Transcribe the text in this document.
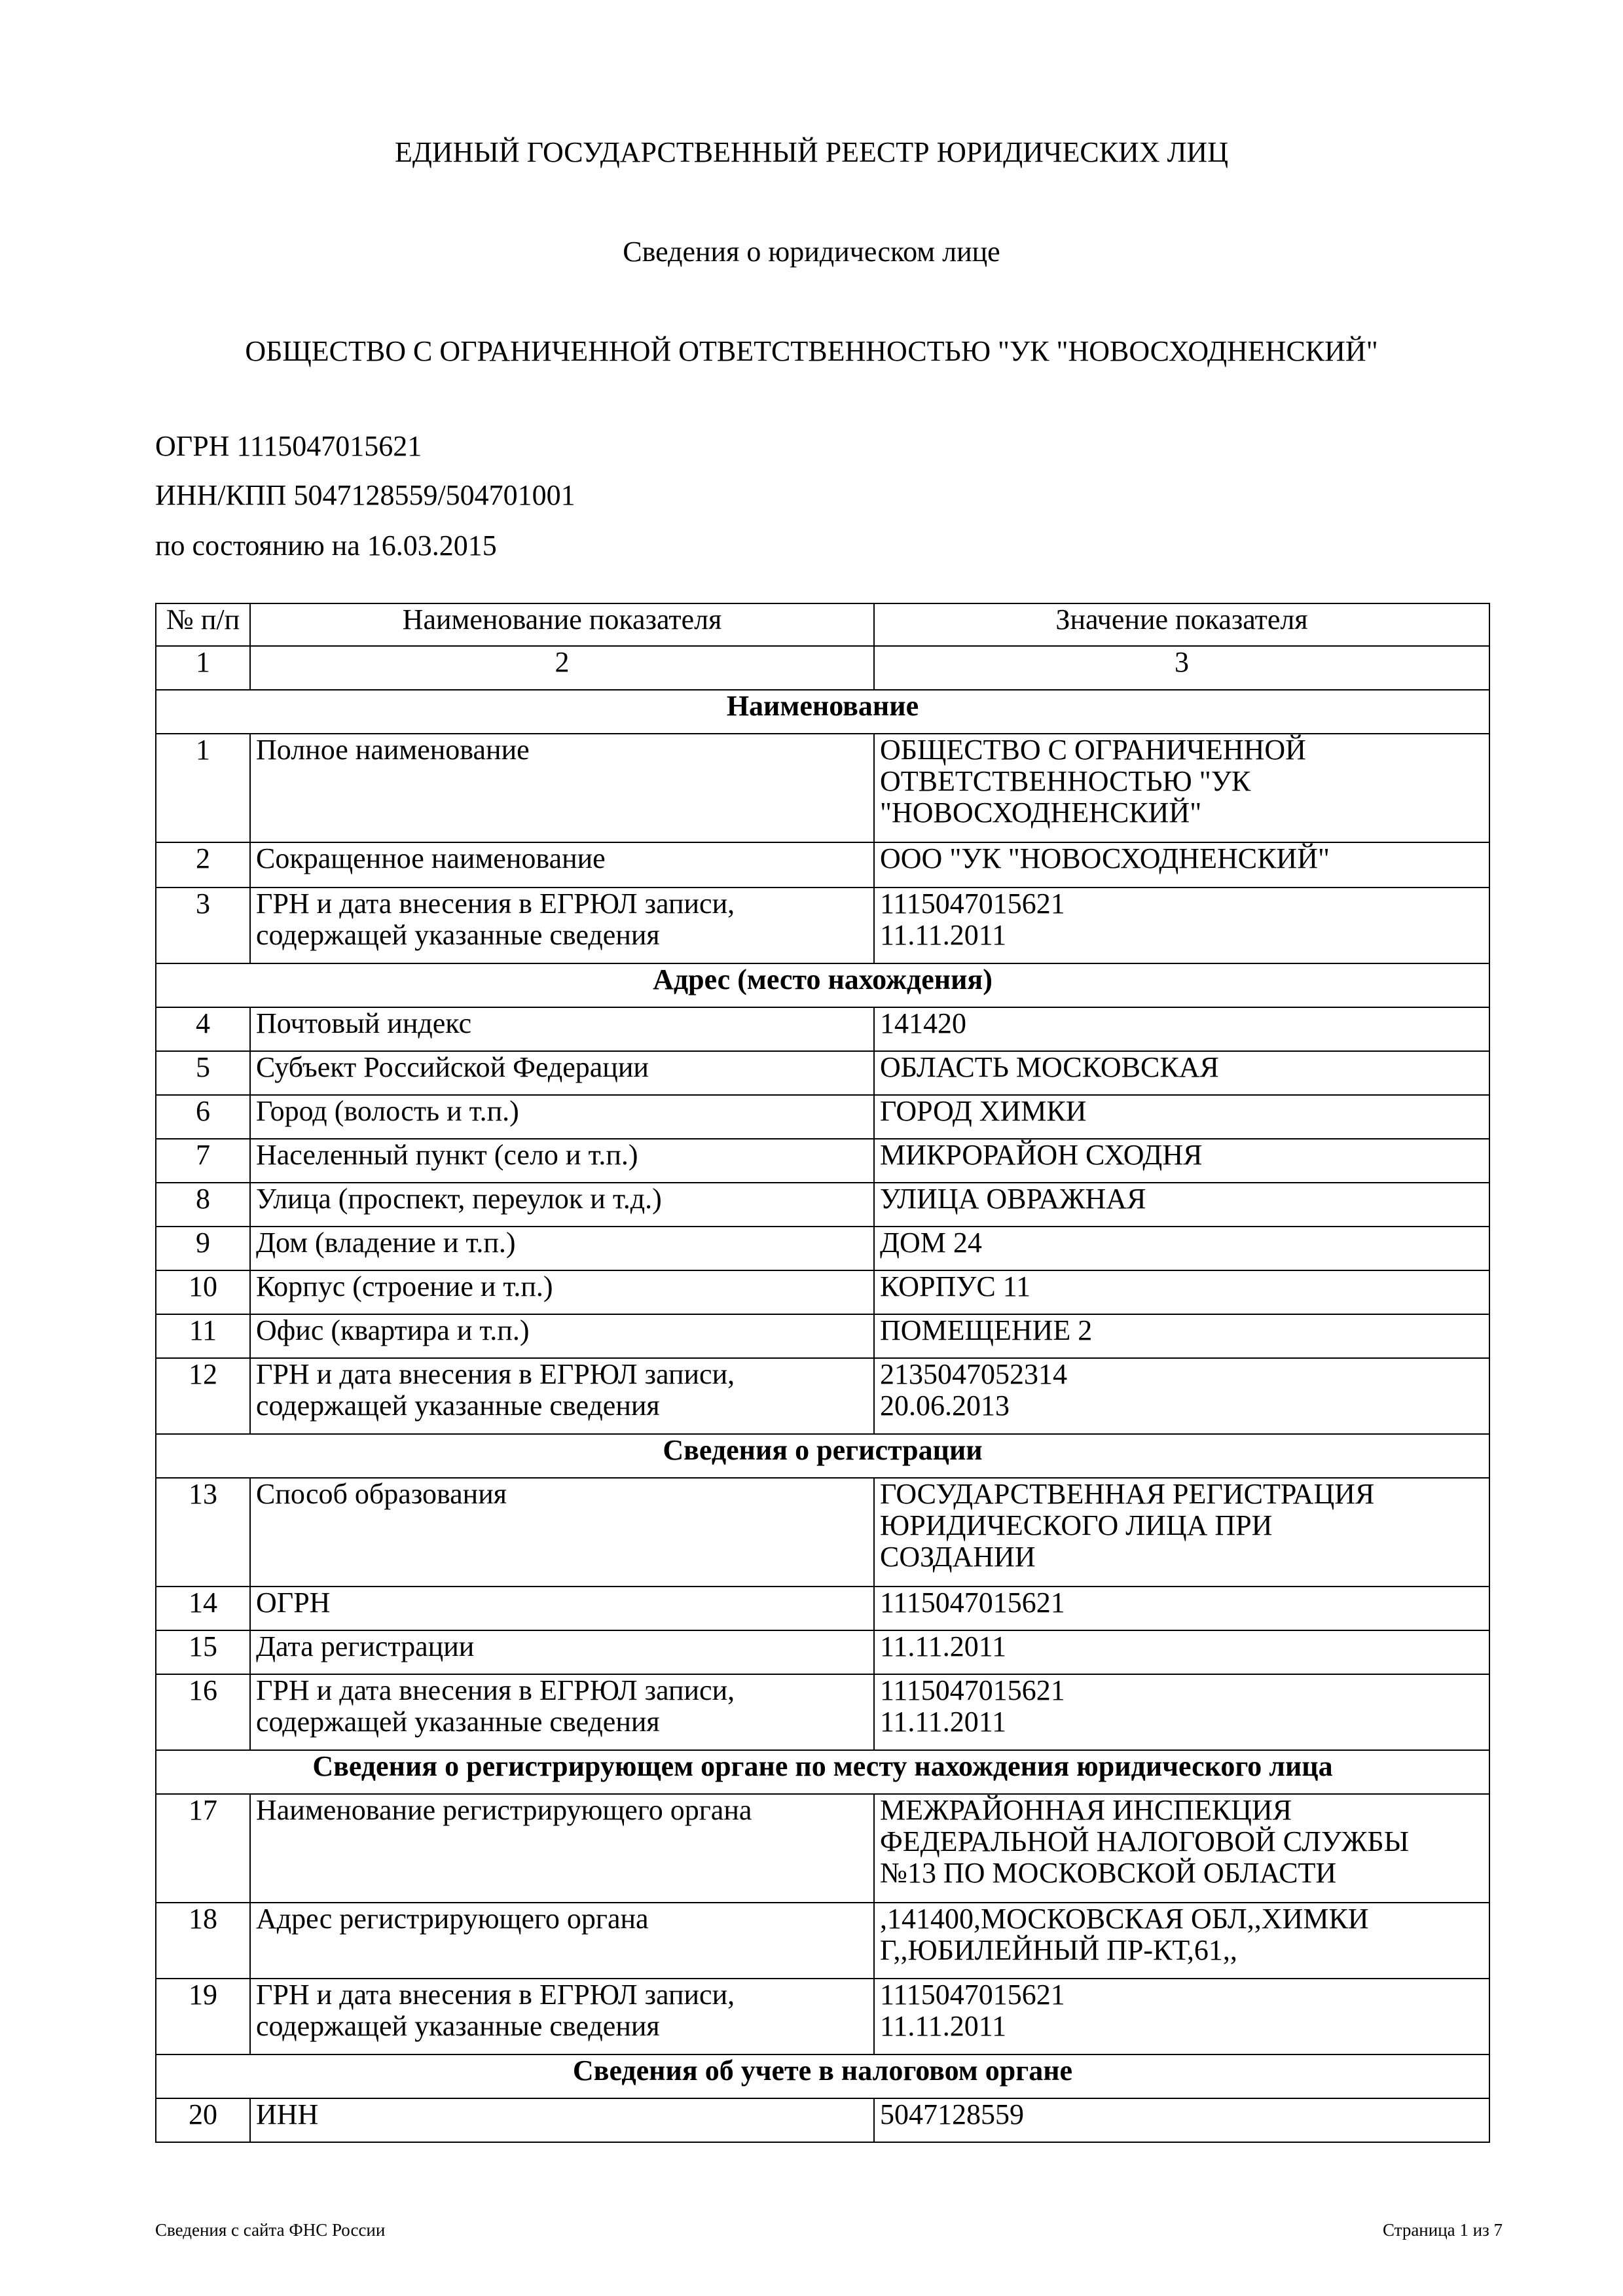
ЕДИНЫЙ ГОСУДАРСТВЕННЫЙ РЕЕСТР ЮРИДИЧЕСКИХ ЛИЦ
Сведения о юридическом лице
ОБЩЕСТВО С ОГРАНИЧЕННОЙ ОТВЕТСТВЕННОСТЬЮ "УК "НОВОСХОДНЕНСКИЙ"
ОГРН 1115047015621
ИНН/КПП 5047128559/504701001
по состоянию на 16.03.2015
№ п/п	Наименование показателя	Значение показателя
1	2	3
Наименование		
1	Полное наименование	ОБЩЕСТВО С ОГРАНИЧЕННОЙ
ОТВЕТСТВЕННОСТЬЮ "УК
"НОВОСХОДНЕНСКИЙ"
2	Сокращенное наименование	ООО "УК "НОВОСХОДНЕНСКИЙ"
3	ГРН и дата внесения в ЕГРЮЛ записи,
содержащей указанные сведения	1115047015621
11.11.2011
Адрес (место нахождения)		
4	Почтовый индекс	141420
5	Субъект Российской Федерации	ОБЛАСТЬ МОСКОВСКАЯ
6	Город (волость и т.п.)	ГОРОД ХИМКИ
7	Населенный пункт (село и т.п.)	МИКРОРАЙОН СХОДНЯ
8	Улица (проспект, переулок и т.д.)	УЛИЦА ОВРАЖНАЯ
9	Дом (владение и т.п.)	ДОМ 24
10	Корпус (строение и т.п.)	КОРПУС 11
11	Офис (квартира и т.п.)	ПОМЕЩЕНИЕ 2
12	ГРН и дата внесения в ЕГРЮЛ записи,
содержащей указанные сведения	2135047052314
20.06.2013
Сведения о регистрации		
13	Способ образования	ГОСУДАРСТВЕННАЯ РЕГИСТРАЦИЯ
ЮРИДИЧЕСКОГО ЛИЦА ПРИ
СОЗДАНИИ
14	ОГРН	1115047015621
15	Дата регистрации	11.11.2011
16	ГРН и дата внесения в ЕГРЮЛ записи,
содержащей указанные сведения	1115047015621
11.11.2011
Сведения о регистрирующем органе по месту нахождения юридического лица		
17	Наименование регистрирующего органа	МЕЖРАЙОННАЯ ИНСПЕКЦИЯ
ФЕДЕРАЛЬНОЙ НАЛОГОВОЙ СЛУЖБЫ
№13 ПО МОСКОВСКОЙ ОБЛАСТИ
18	Адрес регистрирующего органа	,141400,МОСКОВСКАЯ ОБЛ,,ХИМКИ
Г,,ЮБИЛЕЙНЫЙ ПР-КТ,61,,
19	ГРН и дата внесения в ЕГРЮЛ записи,
содержащей указанные сведения	1115047015621
11.11.2011
Сведения об учете в налоговом органе		
20	ИНН	5047128559
Сведения с сайта ФНС России	Страница 1 из 7
